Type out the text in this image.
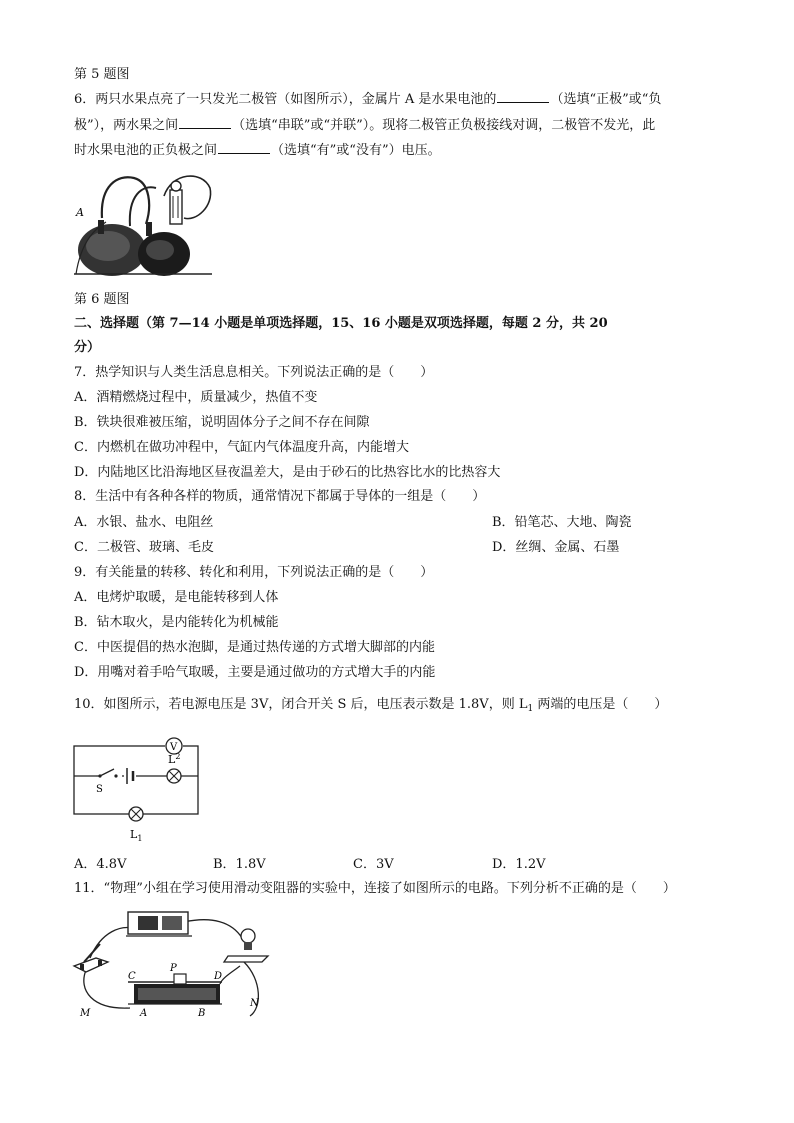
第 5 题图
6．两只水果点亮了一只发光二极管（如图所示），金属片 A 是水果电池的	（选填“正极”或“负
极”），两水果之间	（选填“串联”或“并联”）。现将二极管正负极接线对调，二极管不发光，此
时水果电池的正负极之间	（选填“有”或“没有”）电压。
A
第 6 题图
二、选择题（第 7—14 小题是单项选择题，15、16 小题是双项选择题，每题 2 分，共 20
分）
7．热学知识与人类生活息息相关。下列说法正确的是（　　）
A．酒精燃烧过程中，质量减少，热值不变
B．铁块很难被压缩，说明固体分子之间不存在间隙
C．内燃机在做功冲程中，气缸内气体温度升高，内能增大
D．内陆地区比沿海地区昼夜温差大，是由于砂石的比热容比水的比热容大
8．生活中有各种各样的物质，通常情况下都属于导体的一组是（　　）
A．水银、盐水、电阻丝	B．铅笔芯、大地、陶瓷
C．二极管、玻璃、毛皮	D．丝绸、金属、石墨
9．有关能量的转移、转化和利用，下列说法正确的是（　　）
A．电烤炉取暖，是电能转移到人体
B．钻木取火，是内能转化为机械能
C．中医提倡的热水泡脚，是通过热传递的方式增大脚部的内能
D．用嘴对着手哈气取暖，主要是通过做功的方式增大手的内能
10．如图所示，若电源电压是 3V，闭合开关 S 后，电压表示数是 1.8V，则 $L_1$ 两端的电压是（　　）
V
$L^2$
S
$L_1$
A．4.8V	B．1.8V	C．3V	D．1.2V
11．“物理”小组在学习使用滑动变阻器的实验中，连接了如图所示的电路。下列分析不正确的是（　　）
C
P
D
M	A	B
N
